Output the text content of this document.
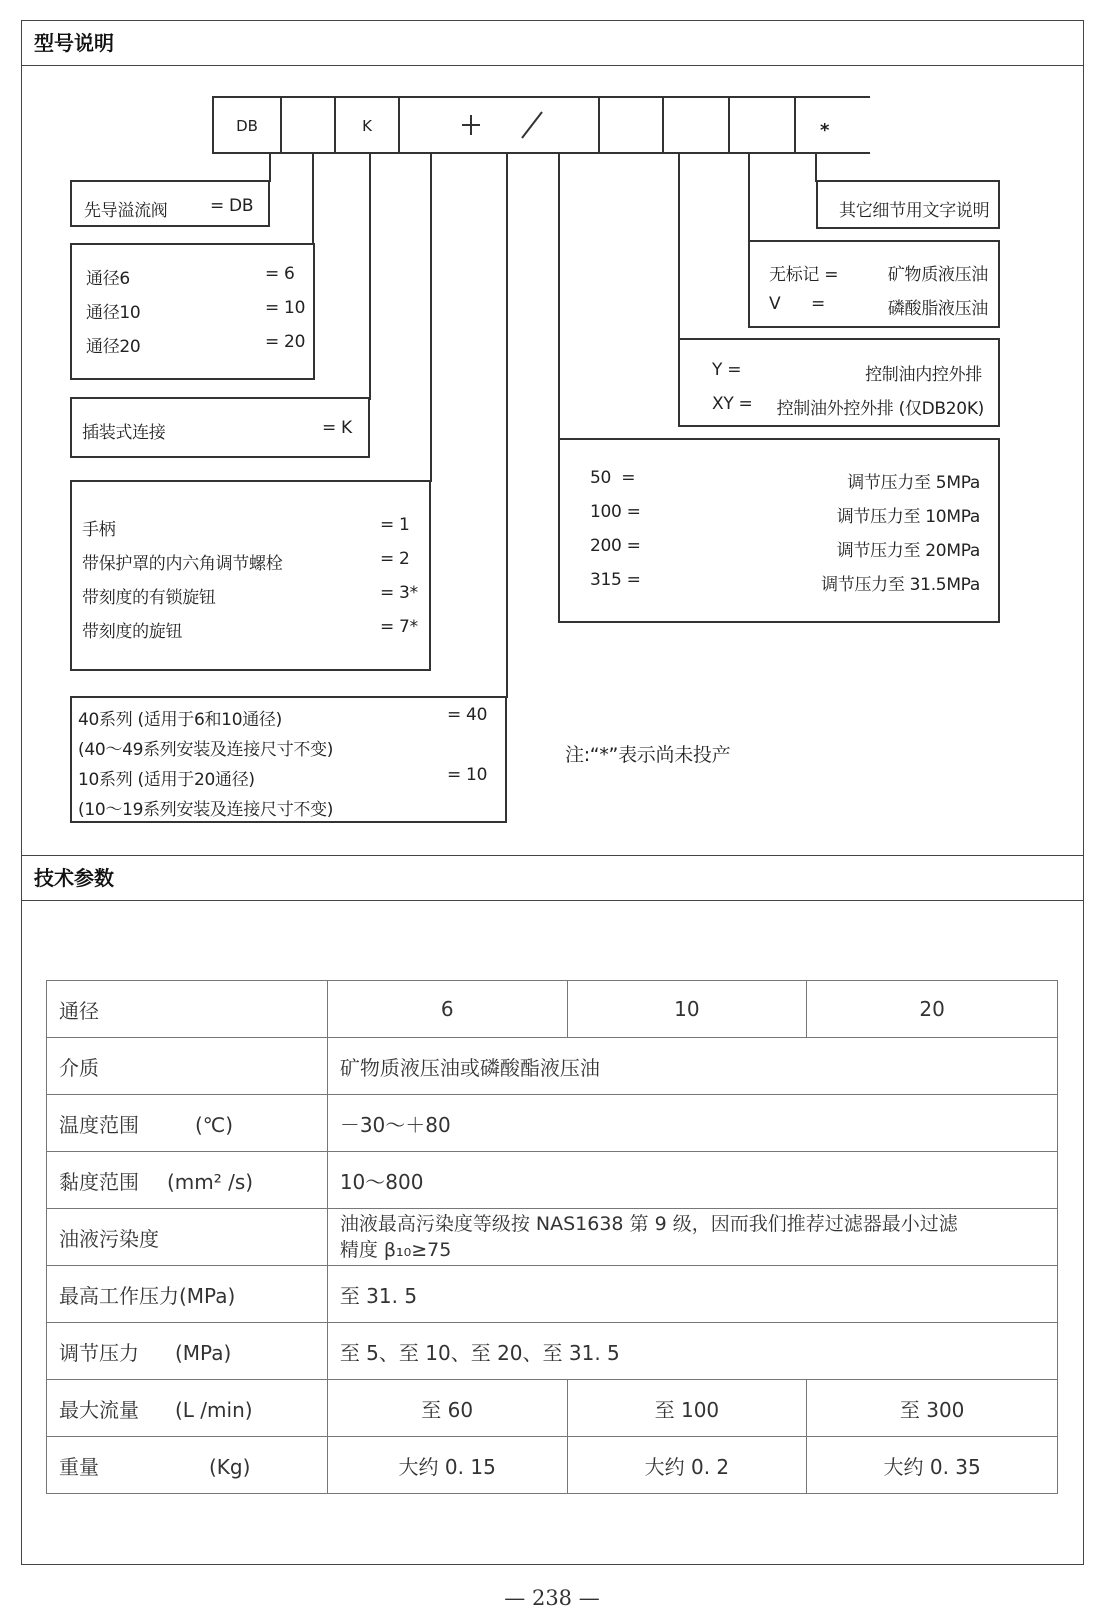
型号说明
DB	K	*
先导溢流阀	= DB
通径6	= 6
通径10	= 10
通径20	= 20
插装式连接	= K
手柄	= 1
带保护罩的内六角调节螺栓	= 2
带刻度的有锁旋钮	= 3*
带刻度的旋钮	= 7*
40系列 (适用于6和10通径)	= 40
(40～49系列安装及连接尺寸不变)
10系列 (适用于20通径)	= 10
(10～19系列安装及连接尺寸不变)
其它细节用文字说明
无标记 =	矿物质液压油
V      =	磷酸脂液压油
Y =	控制油内控外排
XY = 控制油外控外排 (仅DB20K)
50  =	调节压力至 5MPa
100 =	调节压力至 10MPa
200 =	调节压力至 20MPa
315 =	调节压力至 31.5MPa
注:“*”表示尚未投产
技术参数
通径	6	10	20
介质	矿物质液压油或磷酸酯液压油		
温度范围 (℃)	－30～＋80		
黏度范围 (mm² /s)	10～800		
油液污染度	油液最高污染度等级按 NAS1638 第 9 级，因而我们推荐过滤器最小过滤
精度 β₁₀≥75		

最高工作压力(MPa)	至 31. 5		
调节压力 (MPa)	至 5、至 10、至 20、至 31. 5		
最大流量 (L /min)	至 60	至 100	至 300
重量 (Kg)	大约 0. 15	大约 0. 2	大约 0. 35
— 238 —
